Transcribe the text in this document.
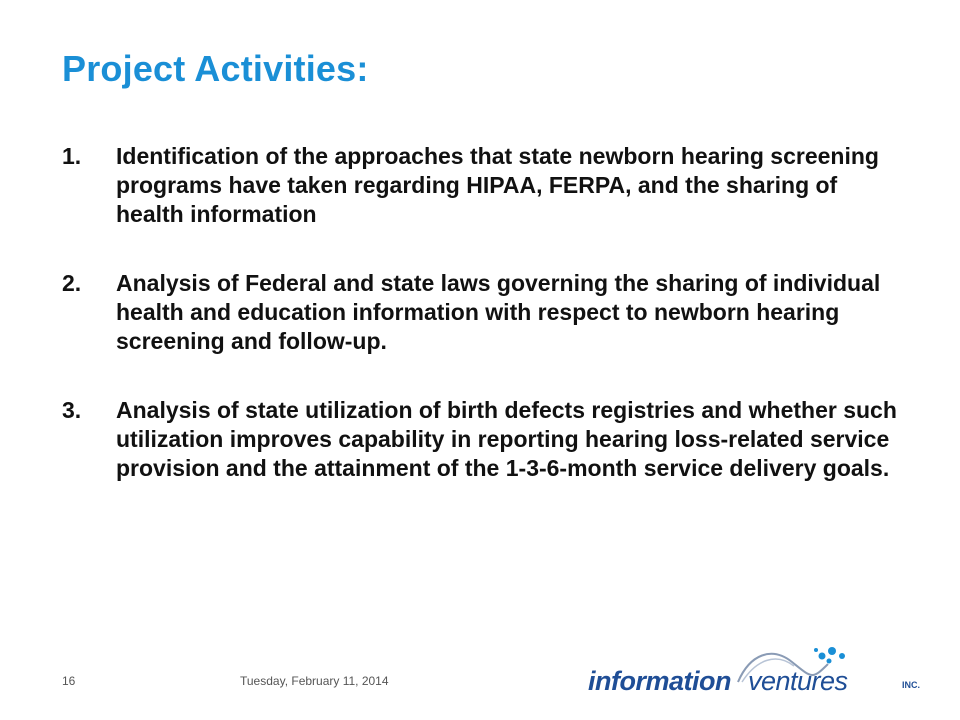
Project Activities:
1. Identification of the approaches that state newborn hearing screening programs have taken regarding HIPAA, FERPA, and the sharing of health information

2. Analysis of Federal and state laws governing the sharing of individual health and education information with respect to newborn hearing screening and follow-up.

3. Analysis of state utilization of birth defects registries and whether such utilization improves capability in reporting hearing loss-related service provision and the attainment of the 1-3-6-month service delivery goals.

16	Tuesday, February 11, 2014	information ventures	INC.
